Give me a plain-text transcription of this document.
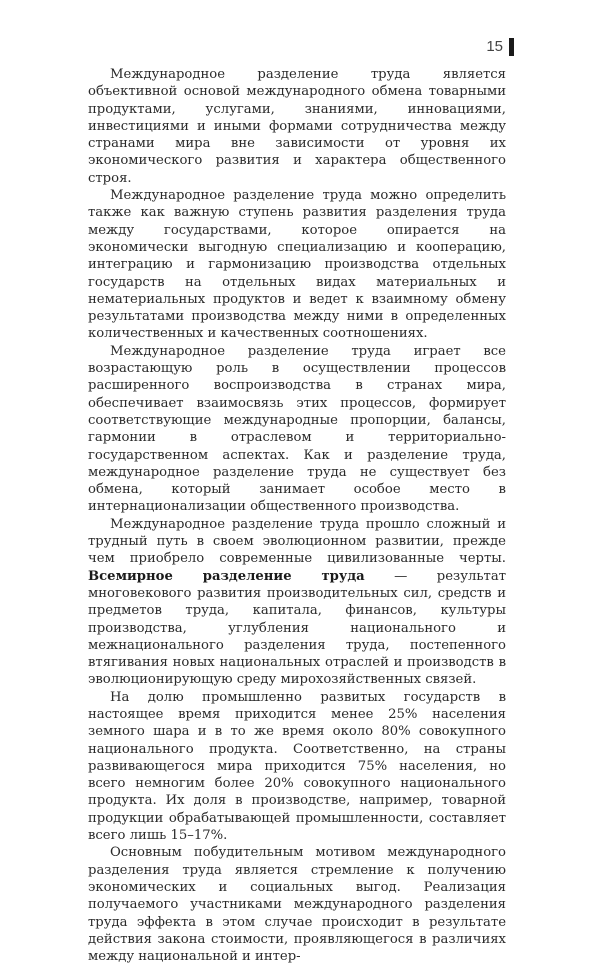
15

Международное разделение труда является объективной основой международного обмена товарными продуктами, услугами, знаниями, инновациями, инвестициями и иными формами сотрудничества между странами мира вне зависимости от уровня их экономического развития и характера общественного строя.

Международное разделение труда можно определить также как важную ступень развития разделения труда между государствами, которое опирается на экономически выгодную специализацию и кооперацию, интеграцию и гармонизацию производства отдельных государств на отдельных видах материальных и нематериальных продуктов и ведет к взаимному обмену результатами производства между ними в определенных количественных и качественных соотношениях.

Международное разделение труда играет все возрастающую роль в осуществлении процессов расширенного воспроизводства в странах мира, обеспечивает взаимосвязь этих процессов, формирует соответствующие международные пропорции, балансы, гармонии в отраслевом и территориально-государственном аспектах. Как и разделение труда, международное разделение труда не существует без обмена, который занимает особое место в интернационализации общественного производства.

Международное разделение труда прошло сложный и трудный путь в своем эволюционном развитии, прежде чем приобрело современные цивилизованные черты. Всемирное разделение труда — результат многовекового развития производительных сил, средств и предметов труда, капитала, финансов, культуры производства, углубления национального и межнационального разделения труда, постепенного втягивания новых национальных отраслей и производств в эволюционирующую среду мирохозяйственных связей.

На долю промышленно развитых государств в настоящее время приходится менее 25% населения земного шара и в то же время около 80% совокупного национального продукта. Соответственно, на страны развивающегося мира приходится 75% населения, но всего немногим более 20% совокупного национального продукта. Их доля в производстве, например, товарной продукции обрабатывающей промышленности, составляет всего лишь 15–17%.

Основным побудительным мотивом международного разделения труда является стремление к получению экономических и социальных выгод. Реализация получаемого участниками международного разделения труда эффекта в этом случае происходит в результате действия закона стоимости, проявляющегося в различиях между национальной и интер-
